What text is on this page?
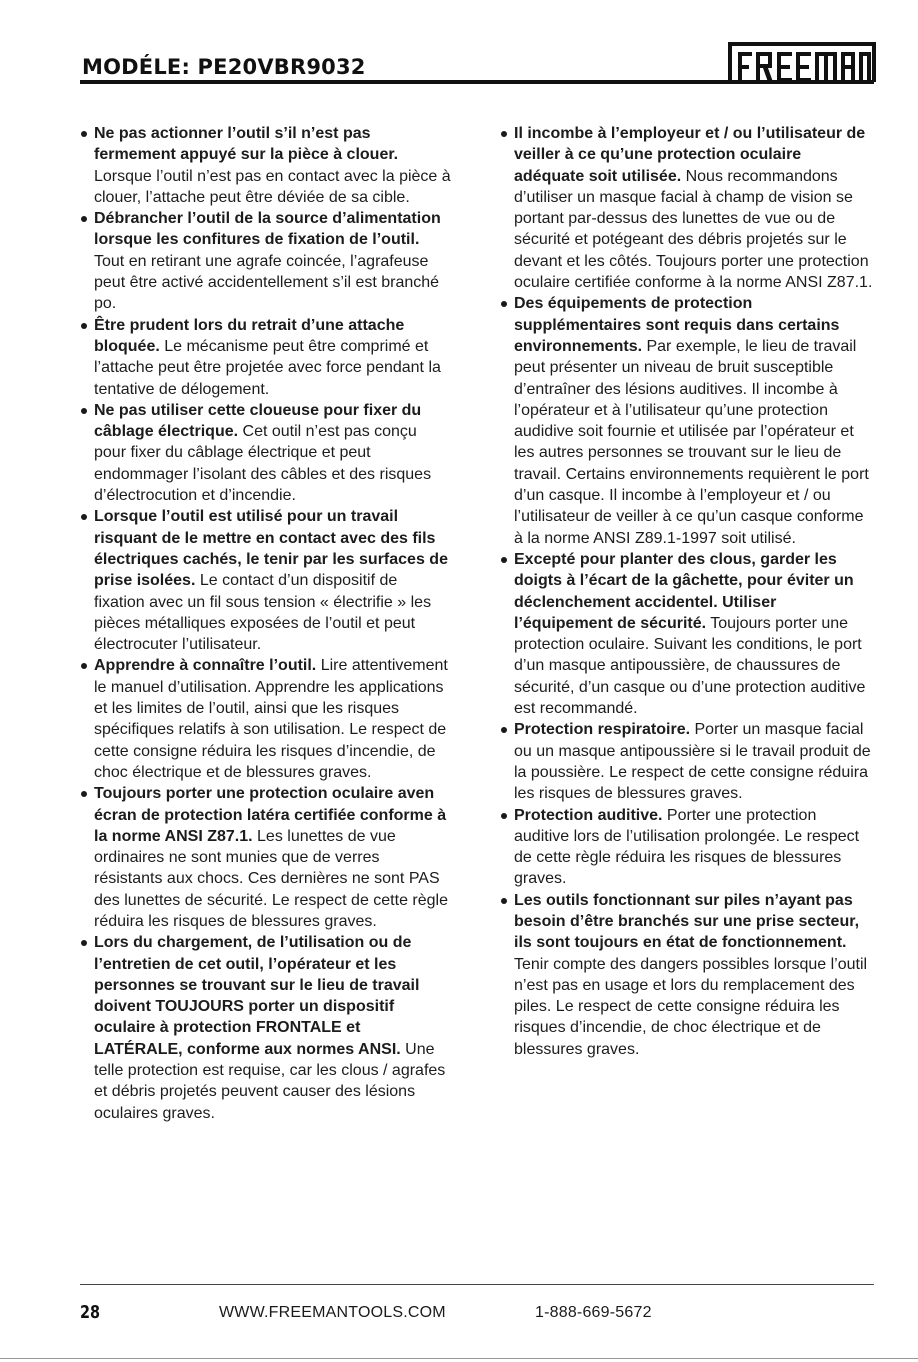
MODÉLE: PE20VBR9032
Ne pas actionner l’outil s’il n’est pas fermement appuyé sur la pièce à clouer. Lorsque l’outil n’est pas en contact avec la pièce à clouer, l’attache peut être déviée de sa cible.
Débrancher l’outil de la source d’alimentation lorsque les confitures de fixation de l’outil. Tout en retirant une agrafe coincée, l’agrafeuse peut être activé accidentellement s’il est branché po.
Être prudent lors du retrait d’une attache bloquée. Le mécanisme peut être comprimé et l’attache peut être projetée avec force pendant la tentative de délogement.
Ne pas utiliser cette cloueuse pour fixer du câblage électrique. Cet outil n’est pas conçu pour fixer du câblage électrique et peut endommager l’isolant des câbles et des risques d’électrocution et d’incendie.
Lorsque l’outil est utilisé pour un travail risquant de le mettre en contact avec des fils électriques cachés, le tenir par les surfaces de prise isolées. Le contact d’un dispositif de fixation avec un fil sous tension « électrifie » les pièces métalliques exposées de l’outil et peut électrocuter l’utilisateur.
Apprendre à connaître l’outil. Lire attentivement le manuel d’utilisation. Apprendre les applications et les limites de l’outil, ainsi que les risques spécifiques relatifs à son utilisation. Le respect de cette consigne réduira les risques d’incendie, de choc électrique et de blessures graves.
Toujours porter une protection oculaire aven écran de protection latéra certifiée conforme à la norme ANSI Z87.1. Les lunettes de vue ordinaires ne sont munies que de verres résistants aux chocs. Ces dernières ne sont PAS des lunettes de sécurité. Le respect de cette règle réduira les risques de blessures graves.
Lors du chargement, de l’utilisation ou de l’entretien de cet outil, l’opérateur et les personnes se trouvant sur le lieu de travail doivent TOUJOURS porter un dispositif oculaire à protection FRONTALE et LATÉRALE, conforme aux normes ANSI. Une telle protection est requise, car les clous / agrafes et débris projetés peuvent causer des lésions oculaires graves.
Il incombe à l’employeur et / ou l’utilisateur de veiller à ce qu’une protection oculaire adéquate soit utilisée. Nous recommandons d’utiliser un masque facial à champ de vision se portant par-dessus des lunettes de vue ou de sécurité et potégeant des débris projetés sur le devant et les côtés. Toujours porter une protection oculaire certifiée conforme à la norme ANSI Z87.1.
Des équipements de protection supplémentaires sont requis dans certains environnements. Par exemple, le lieu de travail peut présenter un niveau de bruit susceptible d’entraîner des lésions auditives. Il incombe à l’opérateur et à l’utilisateur qu’une protection audidive soit fournie et utilisée par l’opérateur et les autres personnes se trouvant sur le lieu de travail. Certains environnements requièrent le port d’un casque. Il incombe à l’employeur et / ou l’utilisateur de veiller à ce qu’un casque conforme à la norme ANSI Z89.1-1997 soit utilisé.
Excepté pour planter des clous, garder les doigts à l’écart de la gâchette, pour éviter un déclenchement accidentel. Utiliser l’équipement de sécurité. Toujours porter une protection oculaire. Suivant les conditions, le port d’un masque antipoussière, de chaussures de sécurité, d’un casque ou d’une protection auditive est recommandé.
Protection respiratoire. Porter un masque facial ou un masque antipoussière si le travail produit de la poussière. Le respect de cette consigne réduira les risques de blessures graves.
Protection auditive. Porter une protection auditive lors de l’utilisation prolongée. Le respect de cette règle réduira les risques de blessures graves.
Les outils fonctionnant sur piles n’ayant pas besoin d’être branchés sur une prise secteur, ils sont toujours en état de fonctionnement. Tenir compte des dangers possibles lorsque l’outil n’est pas en usage et lors du remplacement des piles. Le respect de cette consigne réduira les risques d’incendie, de choc électrique et de blessures graves.
28	WWW.FREEMANTOOLS.COM	1-888-669-5672
